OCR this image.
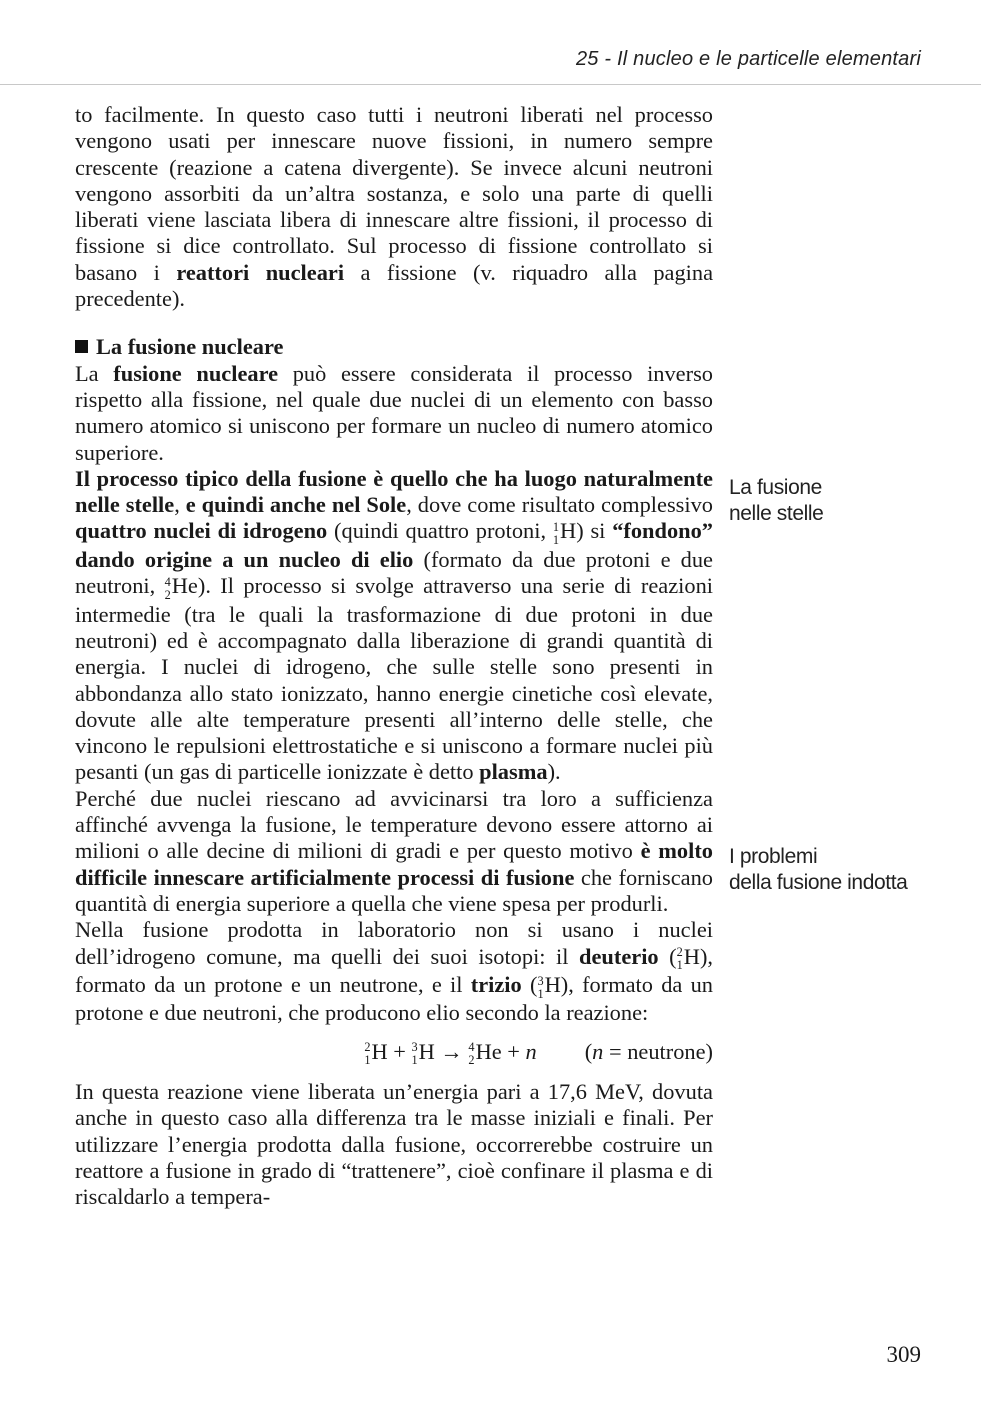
25 - Il nucleo e le particelle elementari

to facilmente. In questo caso tutti i neutroni liberati nel processo vengono usati per innescare nuove fissioni, in numero sempre crescente (reazione a catena divergente). Se invece alcuni neutroni vengono assorbiti da un’altra sostanza, e solo una parte di quelli liberati viene lasciata libera di innescare altre fissioni, il processo di fissione si dice controllato. Sul processo di fissione controllato si basano i reattori nucleari a fissione (v. riquadro alla pagina precedente).

La fusione nucleare

La fusione nucleare può essere considerata il processo inverso rispetto alla fissione, nel quale due nuclei di un elemento con basso numero atomico si uniscono per formare un nucleo di numero atomico superiore.

Il processo tipico della fusione è quello che ha luogo naturalmente nelle stelle, e quindi anche nel Sole, dove come risultato complessivo quattro nuclei di idrogeno (quindi quattro protoni, 1
1 H) si “fondono” dando origine a un nucleo di elio (formato da due protoni e due neutroni, 4
2 He). Il processo si svolge attraverso una serie di reazioni intermedie (tra le quali la trasformazione di due protoni in due neutroni) ed è accompagnato dalla liberazione di grandi quantità di energia. I nuclei di idrogeno, che sulle stelle sono presenti in abbondanza allo stato ionizzato, hanno energie cinetiche così elevate, dovute alle alte temperature presenti all’interno delle stelle, che vincono le repulsioni elettrostatiche e si uniscono a formare nuclei più pesanti (un gas di particelle ionizzate è detto plasma).

Perché due nuclei riescano ad avvicinarsi tra loro a sufficienza affinché avvenga la fusione, le temperature devono essere attorno ai milioni o alle decine di milioni di gradi e per questo motivo è molto difficile innescare artificialmente processi di fusione che forniscano quantità di energia superiore a quella che viene spesa per produrli.

Nella fusione prodotta in laboratorio non si usano i nuclei dell’idrogeno comune, ma quelli dei suoi isotopi: il deuterio ( 2
1 H), formato da un protone e un neutrone, e il trizio ( 3
1 H), formato da un protone e due neutroni, che producono elio secondo la reazione:

2
1 H + 3
1 H → 4
2 He + n (n = neutrone)

In questa reazione viene liberata un’energia pari a 17,6 MeV, dovuta anche in questo caso alla differenza tra le masse iniziali e finali. Per utilizzare l’energia prodotta dalla fusione, occorrerebbe costruire un reattore a fusione in grado di “trattenere”, cioè confinare il plasma e di riscaldarlo a tempera-

La fusione
nelle stelle
I problemi
della fusione indotta
309
